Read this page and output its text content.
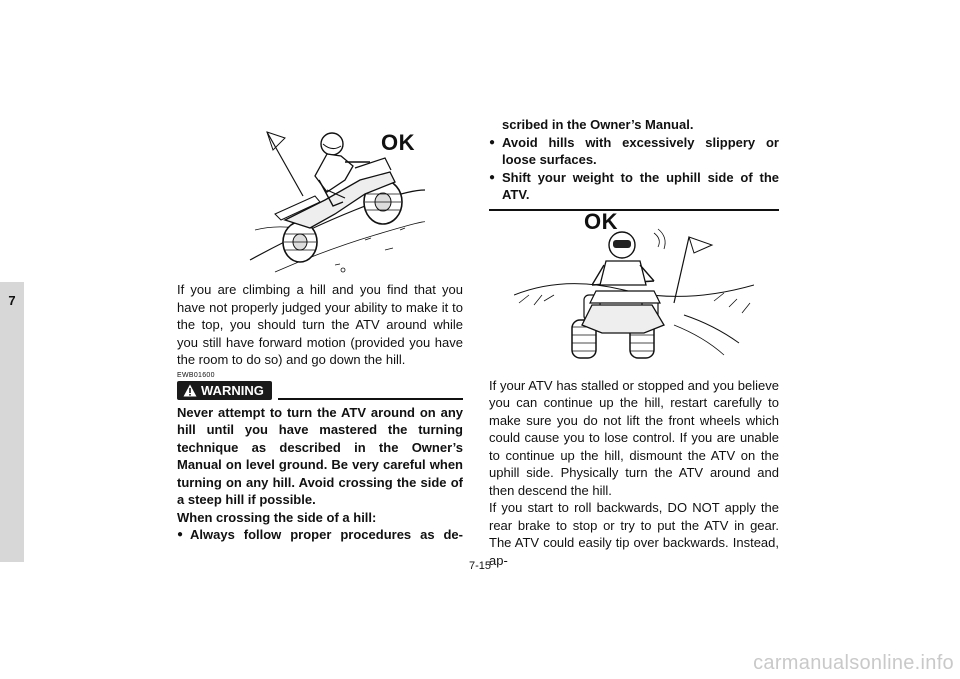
7
OK

If you are climbing a hill and you find that you have not properly judged your ability to make it to the top, you should turn the ATV around while you still have forward motion (provided you have the room to do so) and go down the hill.

EWB01600
WARNING

Never attempt to turn the ATV around on any hill until you have mastered the turning technique as described in the Owner’s Manual on level ground. Be very careful when turning on any hill. Avoid crossing the side of a steep hill if possible.

When crossing the side of a hill:

● Always follow proper procedures as de-
scribed in the Owner’s Manual.
● Avoid hills with excessively slippery or loose surfaces.
● Shift your weight to the uphill side of the ATV.
OK

If your ATV has stalled or stopped and you believe you can continue up the hill, restart carefully to make sure you do not lift the front wheels which could cause you to lose control. If you are unable to continue up the hill, dismount the ATV on the uphill side. Physically turn the ATV around and then descend the hill.

If you start to roll backwards, DO NOT apply the rear brake to stop or try to put the ATV in gear. The ATV could easily tip over backwards. Instead, ap-

7-15
carmanualsonline.info
